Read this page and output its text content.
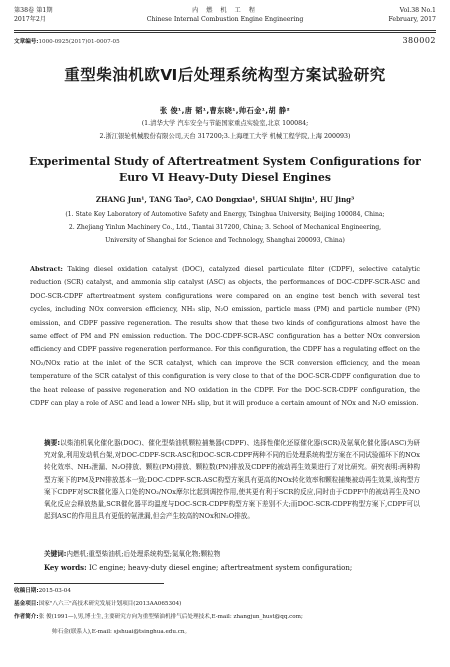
第38卷 第1期
2017年2月
内 燃 机 工 程
Chinese Internal Combustion Engine Engineering
Vol.38 No.1
February, 2017
文章编号:1000-0925(2017)01-0007-05	380002
重型柴油机欧Ⅵ后处理系统构型方案试验研究
张 俊¹,唐 韬¹,曹东晓¹,帅石金¹,胡 静²
(1.清华大学 汽车安全与节能国家重点实验室,北京 100084;
2.浙江银轮机械股份有限公司,天台 317200;3.上海理工大学 机械工程学院,上海 200093)
Experimental Study of Aftertreatment System Configurations for
Euro Ⅵ Heavy-Duty Diesel Engines
ZHANG Jun¹, TANG Tao², CAO Dongxiao¹, SHUAI Shijin¹, HU Jing³
(1. State Key Laboratory of Automotive Safety and Energy, Tsinghua University, Beijing 100084, China;
2. Zhejiang Yinlun Machinery Co., Ltd., Tiantai 317200, China; 3. School of Mechanical Engineering,
University of Shanghai for Science and Technology, Shanghai 200093, China)
Abstract: Taking diesel oxidation catalyst (DOC), catalyzed diesel particulate filter (CDPF), selective catalytic reduction (SCR) catalyst, and ammonia slip catalyst (ASC) as objects, the performances of DOC-CDPF-SCR-ASC and DOC-SCR-CDPF aftertreatment system configurations were compared on an engine test bench with several test cycles, including NOx conversion efficiency, NH₃ slip, N₂O emission, particle mass (PM) and particle number (PN) emission, and CDPF passive regeneration. The results show that these two kinds of configurations almost have the same effect of PM and PN emission reduction. The DOC-CDPF-SCR-ASC configuration has a better NOx conversion efficiency and CDPF passive regeneration performance. For this configuration, the CDPF has a regulating effect on the NO₂/NOx ratio at the inlet of the SCR catalyst, which can improve the SCR conversion efficiency, and the mean temperature of the SCR catalyst of this configuration is very close to that of the DOC-SCR-CDPF configuration due to the heat release of passive regeneration and NO oxidation in the CDPF. For the DOC-SCR-CDPF configuration, the CDPF can play a role of ASC and lead a lower NH₃ slip, but it will produce a certain amount of NOx and N₂O emission.
摘要:以柴油机氧化催化器(DOC)、催化型柴油机颗粒捕集器(CDPF)、选择性催化还原催化器(SCR)及氨氧化催化器(ASC)为研究对象,利用发动机台架,对DOC-CDPF-SCR-ASC和DOC-SCR-CDPF两种不同的后处理系统构型方案在不同试验循环下的NOx转化效率、NH₃泄漏、N₂O排放、颗粒(PM)排放、颗粒数(PN)排放及CDPF的被动再生效果进行了对比研究。研究表明:两种构型方案下的PM及PN排放基本一致;DOC-CDPF-SCR-ASC构型方案具有更高的NOx转化效率和颗粒捕集被动再生效果,该构型方案下CDPF对SCR催化器入口处的NO₂/NOx摩尔比起到调控作用,使其更有利于SCR的反应,同时由于CDPF中的被动再生及NO氧化反应会释放热量,SCR催化器平均温度与DOC-SCR-CDPF构型方案下差别不大;而DOC-SCR-CDPF构型方案下,CDPF可以起到ASC的作用且具有更低的氨泄漏,但会产生较高的NOx和N₂O排放。
关键词:内燃机;重型柴油机;后处理系统构型;氮氧化物;颗粒物
Key words: IC engine; heavy-duty diesel engine; aftertreatment system configuration;
收稿日期:2015-03-04
基金项目:国家"八六三"高技术研究发展计划项目(2013AA065304)
作者简介:张 俊(1991—),男,博士生,主要研究方向为重型柴油机排气后处理技术,E-mail: zhangjun_hust@qq.com;
帅石金(联系人),E-mail: sjshuai@tsinghua.edu.cn。
